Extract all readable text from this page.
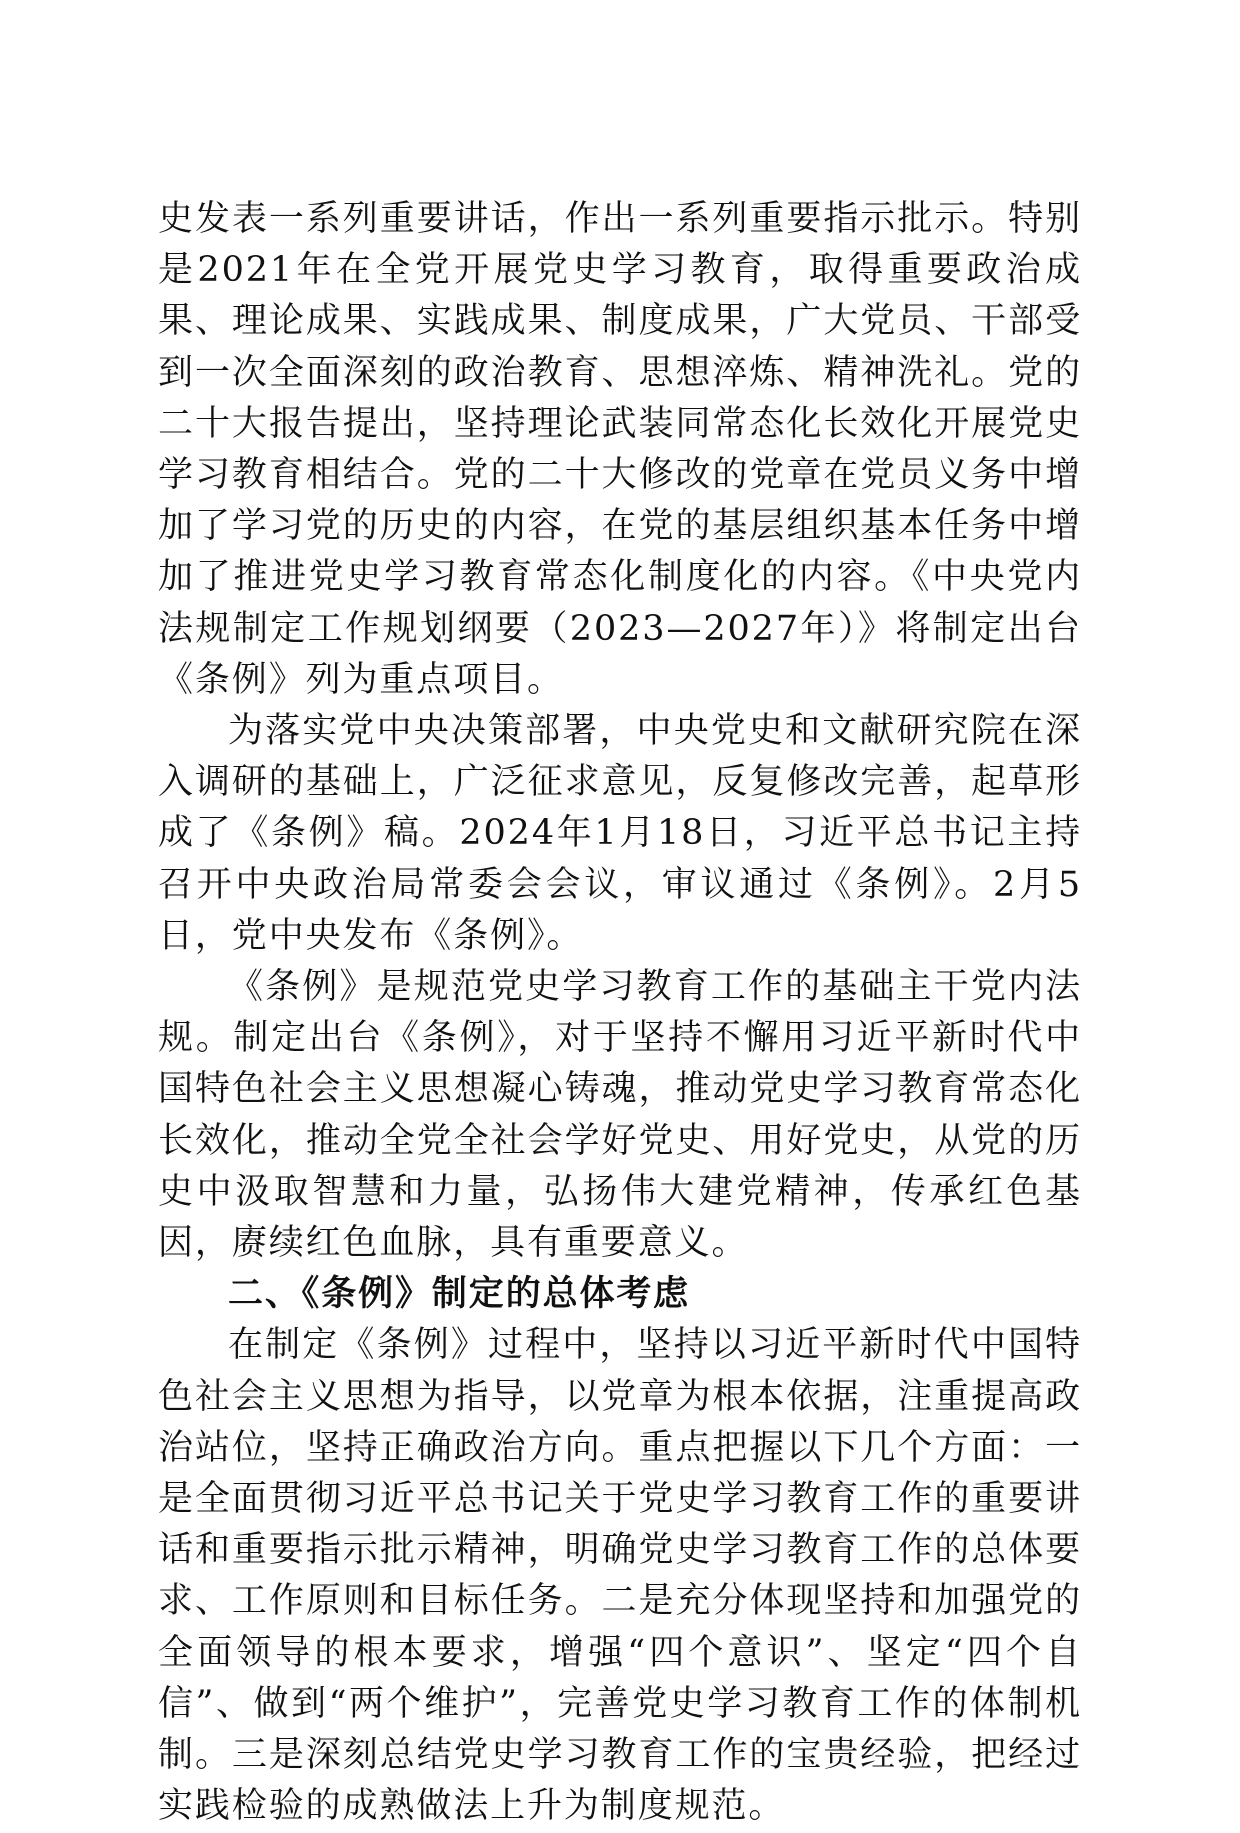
史发表一系列重要讲话，作出一系列重要指示批示。特别是2021年在全党开展党史学习教育，取得重要政治成果、理论成果、实践成果、制度成果，广大党员、干部受到一次全面深刻的政治教育、思想淬炼、精神洗礼。党的二十大报告提出，坚持理论武装同常态化长效化开展党史学习教育相结合。党的二十大修改的党章在党员义务中增加了学习党的历史的内容，在党的基层组织基本任务中增加了推进党史学习教育常态化制度化的内容。《中央党内法规制定工作规划纲要（2023—2027年）》将制定出台《条例》列为重点项目。

为落实党中央决策部署，中央党史和文献研究院在深入调研的基础上，广泛征求意见，反复修改完善，起草形成了《条例》稿。2024年1月18日，习近平总书记主持召开中央政治局常委会会议，审议通过《条例》。2月5日，党中央发布《条例》。

《条例》是规范党史学习教育工作的基础主干党内法规。制定出台《条例》，对于坚持不懈用习近平新时代中国特色社会主义思想凝心铸魂，推动党史学习教育常态化长效化，推动全党全社会学好党史、用好党史，从党的历史中汲取智慧和力量，弘扬伟大建党精神，传承红色基因，赓续红色血脉，具有重要意义。

二、《条例》制定的总体考虑

在制定《条例》过程中，坚持以习近平新时代中国特色社会主义思想为指导，以党章为根本依据，注重提高政治站位，坚持正确政治方向。重点把握以下几个方面：一是全面贯彻习近平总书记关于党史学习教育工作的重要讲话和重要指示批示精神，明确党史学习教育工作的总体要求、工作原则和目标任务。二是充分体现坚持和加强党的全面领导的根本要求，增强“四个意识”、坚定“四个自信”、做到“两个维护”，完善党史学习教育工作的体制机制。三是深刻总结党史学习教育工作的宝贵经验，把经过实践检验的成熟做法上升为制度规范。
